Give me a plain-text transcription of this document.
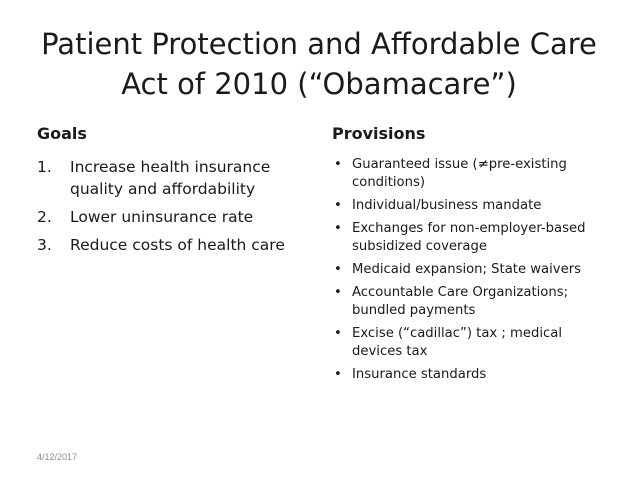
Patient Protection and Affordable Care
Act of 2010 (“Obamacare”)
Goals
1. Increase health insurance quality and affordability
2. Lower uninsurance rate
3. Reduce costs of health care
Provisions
• Guaranteed issue (≠pre-existing conditions)
• Individual/business mandate
• Exchanges for non-employer-based subsidized coverage
• Medicaid expansion; State waivers
• Accountable Care Organizations; bundled payments
• Excise (“cadillac”) tax ; medical devices tax
• Insurance standards
4/12/2017
